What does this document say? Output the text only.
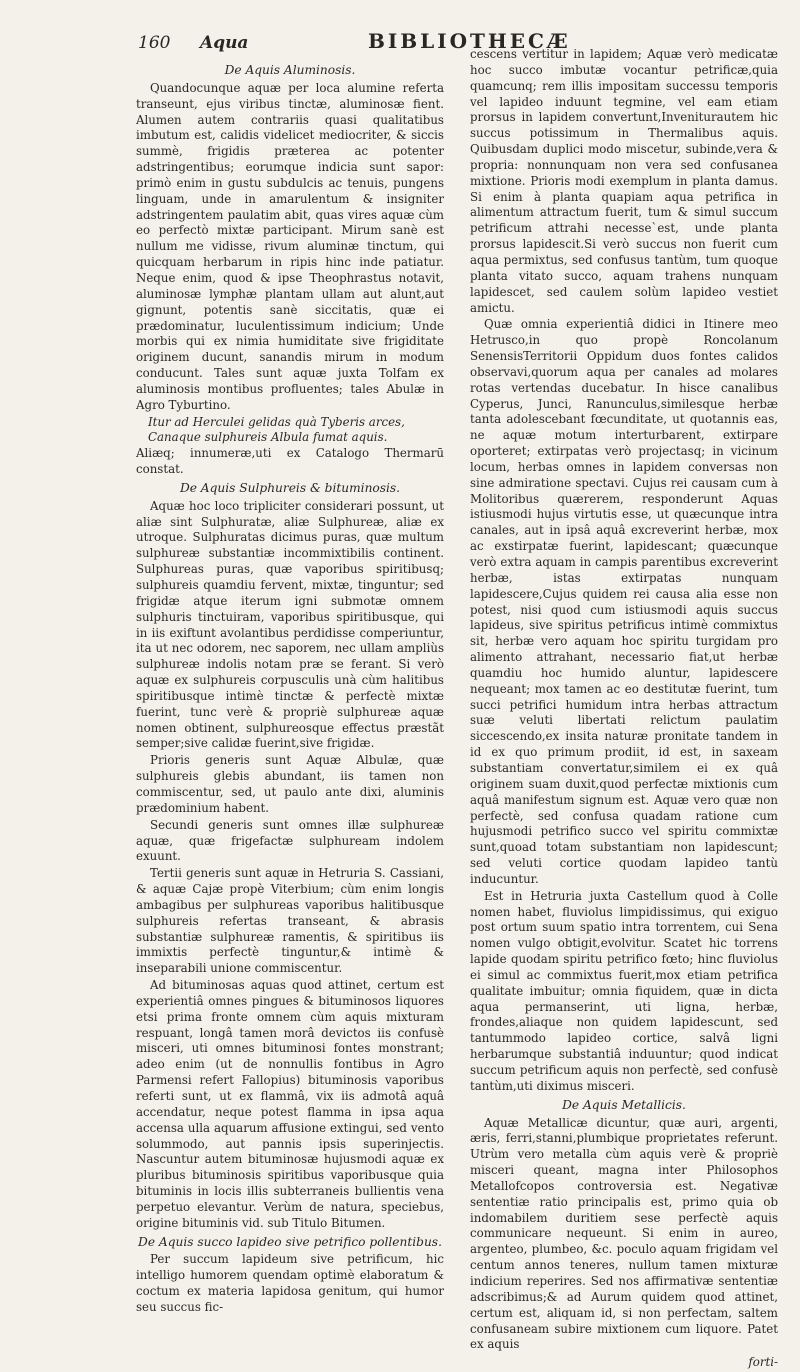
160 Aqua	BIBLIOTHECÆ

De Aquis Aluminosis.

Quandocunque aquæ per loca alumine referta transeunt, ejus viribus tinctæ, aluminosæ fient. Alumen autem contrariis quasi qualitatibus imbutum est, calidis videlicet mediocriter, & siccis summè, frigidis præterea ac potenter adstringentibus; eorumque indicia sunt sapor: primò enim in gustu subdulcis ac tenuis, pungens linguam, unde in amarulentum & insigniter adstringentem paulatim abit, quas vires aquæ cùm eo perfectò mixtæ participant. Mirum sanè est nullum me vidisse, rivum aluminæ tinctum, qui quicquam herbarum in ripis hinc inde patiatur. Neque enim, quod & ipse Theophrastus notavit, aluminosæ lymphæ plantam ullam aut alunt,aut gignunt, potentis sanè siccitatis, quæ ei prædominatur, luculentissimum indicium; Unde morbis qui ex nimia humiditate sive frigiditate originem ducunt, sanandis mirum in modum conducunt. Tales sunt aquæ juxta Tolfam ex aluminosis montibus profluentes; tales Abulæ in Agro Tyburtino.

Itur ad Herculei gelidas quà Tyberis arces,

Canaque sulphureis Albula fumat aquis.

Aliæq; innumeræ,uti ex Catalogo Thermarū constat.

De Aquis Sulphureis & bituminosis.

Aquæ hoc loco tripliciter considerari possunt, ut aliæ sint Sulphuratæ, aliæ Sulphureæ, aliæ ex utroque. Sulphuratas dicimus puras, quæ multum sulphureæ substantiæ incommixtibilis continent. Sulphureas puras, quæ vaporibus spiritibusq; sulphureis quamdiu fervent, mixtæ, tinguntur; sed frigidæ atque iterum igni submotæ omnem sulphuris tinctuiram, vaporibus spiritibusque, qui in iis exiftunt avolantibus perdidisse comperiuntur, ita ut nec odorem, nec saporem, nec ullam ampliùs sulphureæ indolis notam præ se ferant. Si verò aquæ ex sulphureis corpusculis unà cùm halitibus spiritibusque intimè tinctæ & perfectè mixtæ fuerint, tunc verè & propriè sulphureæ aquæ nomen obtinent, sulphureosque effectus præstãt semper;sive calidæ fuerint,sive frigidæ.

Prioris generis sunt Aquæ Albulæ, quæ sulphureis glebis abundant, iis tamen non commiscentur, sed, ut paulo ante dixi, aluminis prædominium habent.

Secundi generis sunt omnes illæ sulphureæ aquæ, quæ frigefactæ sulphuream indolem exuunt.

Tertii generis sunt aquæ in Hetruria S. Cassiani, & aquæ Cajæ propè Viterbium; cùm enim longis ambagibus per sulphureas vaporibus halitibusque sulphureis refertas transeant, & abrasis substantiæ sulphureæ ramentis, & spiritibus iis immixtis perfectè tinguntur,& intimè & inseparabili unione commiscentur.

Ad bituminosas aquas quod attinet, certum est experientiâ omnes pingues & bituminosos liquores etsi prima fronte omnem cùm aquis mixturam respuant, longâ tamen morâ devictos iis confusè misceri, uti omnes bituminosi fontes monstrant; adeo enim (ut de nonnullis fontibus in Agro Parmensi refert Fallopius) bituminosis vaporibus referti sunt, ut ex flammâ, vix iis admotâ aquâ accendatur, neque potest flamma in ipsa aqua accensa ulla aquarum affusione extingui, sed vento solummodo, aut pannis ipsis superinjectis. Nascuntur autem bituminosæ hujusmodi aquæ ex pluribus bituminosis spiritibus vaporibusque quia bituminis in locis illis subterraneis bullientis vena perpetuo elevantur. Verùm de natura, speciebus, origine bituminis vid. sub Titulo Bitumen.

De Aquis succo lapideo sive petrifico pollentibus.

Per succum lapideum sive petrificum, hic intelligo humorem quendam optimè elaboratum & coctum ex materia lapidosa genitum, qui humor seu succus fic-

cescens vertitur in lapidem; Aquæ verò medicatæ hoc succo imbutæ vocantur petrificæ,quia quamcunq; rem illis impositam successu temporis vel lapideo induunt tegmine, vel eam etiam prorsus in lapidem convertunt,Inveniturautem hic succus potissimum in Thermalibus aquis. Quibusdam duplici modo miscetur, subinde,vera & propria: nonnunquam non vera sed confusanea mixtione. Prioris modi exemplum in planta damus. Si enim à planta quapiam aqua petrifica in alimentum attractum fuerit, tum & simul succum petrificum attrahi necesse`est, unde planta prorsus lapidescit.Si verò succus non fuerit cum aqua permixtus, sed confusus tantùm, tum quoque planta vitato succo, aquam trahens nunquam lapidescet, sed caulem solùm lapideo vestiet amictu.

Quæ omnia experientiâ didici in Itinere meo Hetrusco,in quo propè Roncolanum SenensisTerritorii Oppidum duos fontes calidos observavi,quorum aqua per canales ad molares rotas vertendas ducebatur. In hisce canalibus Cyperus, Junci, Ranunculus,similesque herbæ tanta adolescebant fœcunditate, ut quotannis eas, ne aquæ motum interturbarent, extirpare oporteret; extirpatas verò projectasq; in vicinum locum, herbas omnes in lapidem conversas non sine admiratione spectavi. Cujus rei causam cum à Molitoribus quærerem, responderunt Aquas istiusmodi hujus virtutis esse, ut quæcunque intra canales, aut in ipsâ aquâ excreverint herbæ, mox ac exstirpatæ fuerint, lapidescant; quæcunque verò extra aquam in campis parentibus excreverint herbæ, istas extirpatas nunquam lapidescere,Cujus quidem rei causa alia esse non potest, nisi quod cum istiusmodi aquis succus lapideus, sive spiritus petrificus intimè commixtus sit, herbæ vero aquam hoc spiritu turgidam pro alimento attrahant, necessario fiat,ut herbæ quamdiu hoc humido aluntur, lapidescere nequeant; mox tamen ac eo destitutæ fuerint, tum succi petrifici humidum intra herbas attractum suæ veluti libertati relictum paulatim siccescendo,ex insita naturæ pronitate tandem in id ex quo primum prodiit, id est, in saxeam substantiam convertatur,similem ei ex quâ originem suam duxit,quod perfectæ mixtionis cum aquâ manifestum signum est. Aquæ vero quæ non perfectè, sed confusa quadam ratione cum hujusmodi petrifico succo vel spiritu commixtæ sunt,quoad totam substantiam non lapidescunt; sed veluti cortice quodam lapideo tantù inducuntur.

Est in Hetruria juxta Castellum quod à Colle nomen habet, fluviolus limpidissimus, qui exiguo post ortum suum spatio intra torrentem, cui Sena nomen vulgo obtigit,evolvitur. Scatet hic torrens lapide quodam spiritu petrifico fœto; hinc fluviolus ei simul ac commixtus fuerit,mox etiam petrifica qualitate imbuitur; omnia fiquidem, quæ in dicta aqua permanserint, uti ligna, herbæ, frondes,aliaque non quidem lapidescunt, sed tantummodo lapideo cortice, salvâ ligni herbarumque substantiâ induuntur; quod indicat succum petrificum aquis non perfectè, sed confusè tantùm,uti diximus misceri.

De Aquis Metallicis.

Aquæ Metallicæ dicuntur, quæ auri, argenti, æris, ferri,stanni,plumbique proprietates referunt. Utrùm vero metalla cùm aquis verè & propriè misceri queant, magna inter Philosophos Metallofcopos controversia est. Negativæ sententiæ ratio principalis est, primo quia ob indomabilem duritiem sese perfectè aquis communicare nequeunt. Si enim in aureo, argenteo, plumbeo, &c. poculo aquam frigidam vel centum annos teneres, nullum tamen mixturæ indicium reperires. Sed nos affirmativæ sententiæ adscribimus;& ad Aurum quidem quod attinet, certum est, aliquam id, si non perfectam, saltem confusaneam subire mixtionem cum liquore. Patet ex aquis

forti-
